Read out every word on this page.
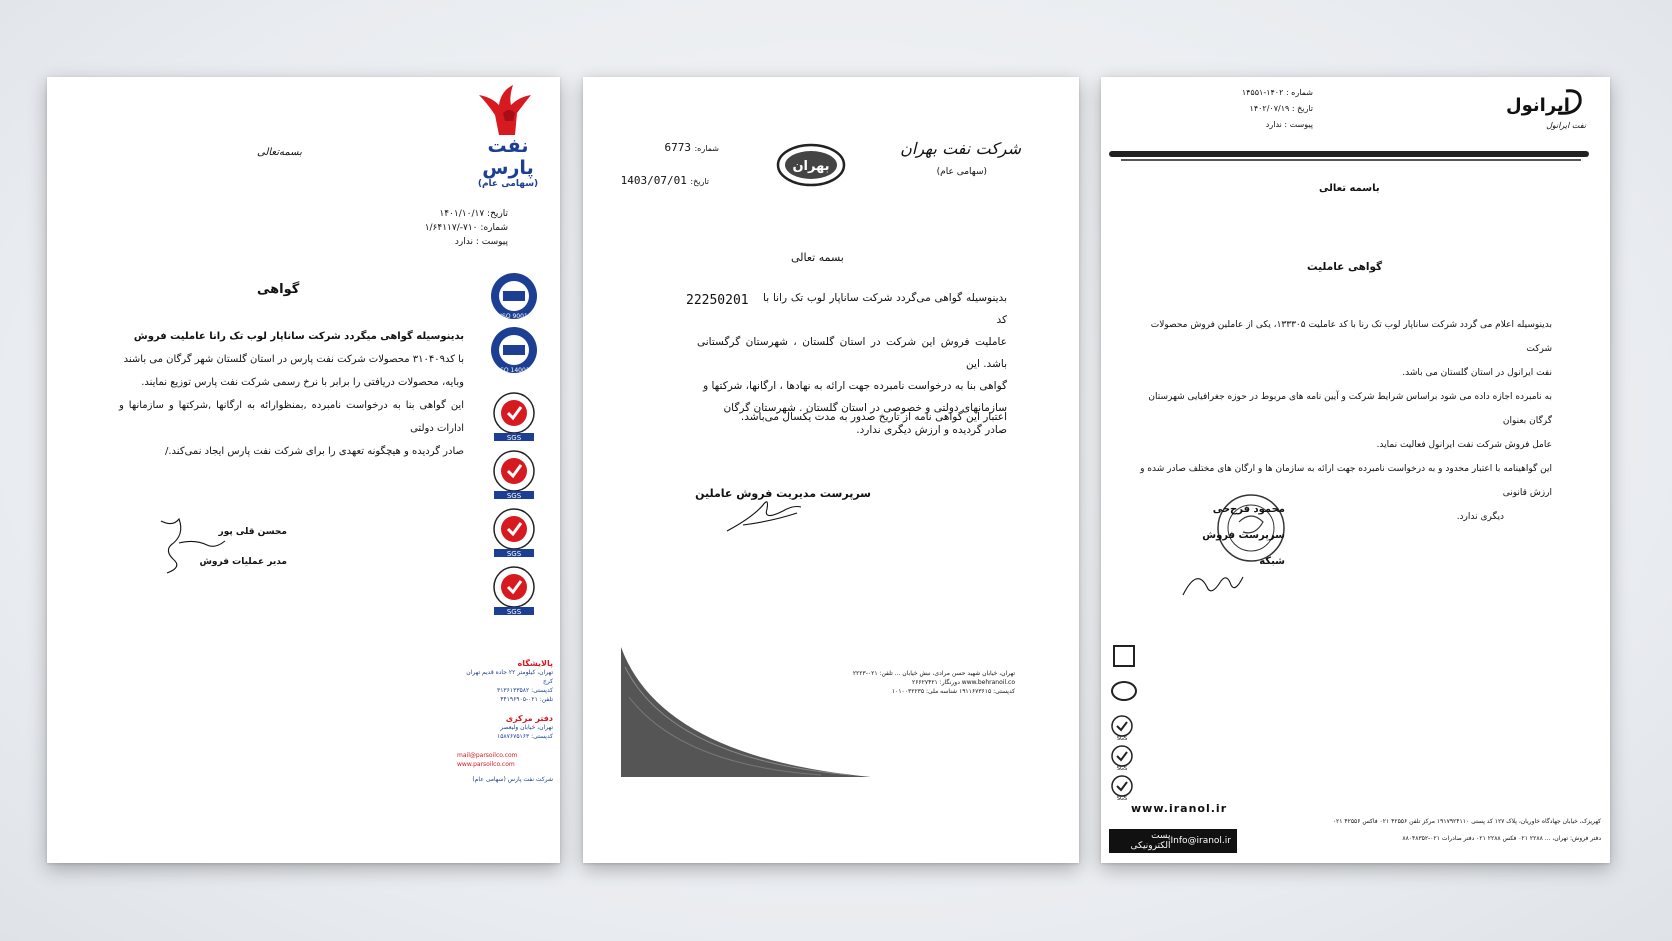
نفت پارس
(سهامی عام)
بسمه‌تعالی
تاریخ: ۱۴۰۱/۱۰/۱۷
شماره: ۷۱۰-/۱/۶۴۱۱۷
پیوست : ندارد
گواهی
بدینوسیله گواهی میگردد شرکت ساناپار لوب تک رانا عاملیت فروش
با کد۳۱۰۴۰۹ محصولات شرکت نفت پارس در استان گلستان شهر گرگان می باشند
وبایه، محصولات دریافتی را برابر با نرخ رسمی شرکت نفت پارس توزیع نمایند.
این گواهی بنا به درخواست نامبرده ,بمنظوارائه به ارگانها ,شرکتها و سازمانها و ادارات دولتی
صادر گردیده و هیچگونه تعهدی را برای شرکت نفت پارس ایجاد نمی‌کند./
محسن قلی پور
مدیر عملیات فروش
ISO 9001
ISO 14001
SGS
SGS
SGS
SGS
پالایشگاه
تهران، کیلومتر ۲۲ جاده قدیم تهران کرج
کدپستی: ۳۱۳۶۱۳۳۵۸۲
تلفن: ۰۲۱-۴۴۱۹۶۹۰۵
دفتر مرکزی
تهران، خیابان ولیعصر
کدپستی: ۱۵۸۷۶۷۵۱۶۳
mail@parsoilco.com
www.parsoilco.com
شرکت نفت پارس (سهامی عام)
شرکت نفت بهران
(سهامی عام)
بهران
شماره: 6773
تاریخ: 1403/07/01
بسمه تعالی
22250201	بدینوسیله گواهی می‌گردد شرکت ساناپار لوب تک رانا با کد
عاملیت فروش این شرکت در استان گلستان ، شهرستان گرگستانی باشد. این
گواهی بنا به درخواست نامبرده جهت ارائه به نهادها ، ارگانها، شرکتها و
سازمانهای دولتی و خصوصی در استان گلستان . شهرستان گرگان
صادر گردیده و ارزش دیگری ندارد.
اعتبار این گواهی نامه از تاریخ صدور به مدت یکسال می‌باشد.
سرپرست مدیریت فروش عاملین
تهران، خیابان شهید حسن مرادی، نبش خیابان ... تلفن: ۰۲۱-۲۲۲۳
www.behranoil.co دورنگار: ۲۶۶۲۷۴۲۱
کدپستی: ۱۹۱۱۶۷۳۶۱۵ شناسه ملی: ۱۰۱۰۰۳۲۲۳۵
ایرانول
نفت ایرانول
شماره : ۱۴۰۲-۱۴۵۵۱
تاریخ : ۱۴۰۲/۰۷/۱۹
پیوست : ندارد
باسمه تعالی
گواهی عاملیت
بدینوسیله اعلام می گردد شرکت ساناپار لوب تک رنا با کد عاملیت ۱۳۳۳۰۵، یکی از عاملین فروش محصولات شرکت
نفت ایرانول در استان گلستان می باشد.
به نامبرده اجازه داده می شود براساس شرایط شرکت و آیین نامه های مربوط در حوزه جغرافیایی شهرستان گرگان بعنوان
عامل فروش شرکت نفت ایرانول فعالیت نماید.
این گواهینامه با اعتبار محدود و به درخواست نامبرده جهت ارائه به سازمان ها و ارگان های مختلف صادر شده و ارزش قانونی
دیگری ندارد.
محمود فرح‌حی
سرپرست فروش شبکه
SGS
SGS
SGS
www.iranol.ir
پست الکترونیکی Info@iranol.ir
کهریزک، خیابان جهادگاه خاوریان، پلاک ۱۲۷ کد پستی ۱۹۱۷۹۲۴۱۱۰ مرکز تلفن ۴۲۵۵۶ ۰۲۱ فاکس ۴۲۵۵۶ ۰۲۱
دفتر فروش: تهران، ... ۲۲۸۸ ۰۲۱ فکس ۲۲۸۸ ۰۲۱ دفتر صادرات ۰۲۱-۸۸۰۴۸۳۵۲
